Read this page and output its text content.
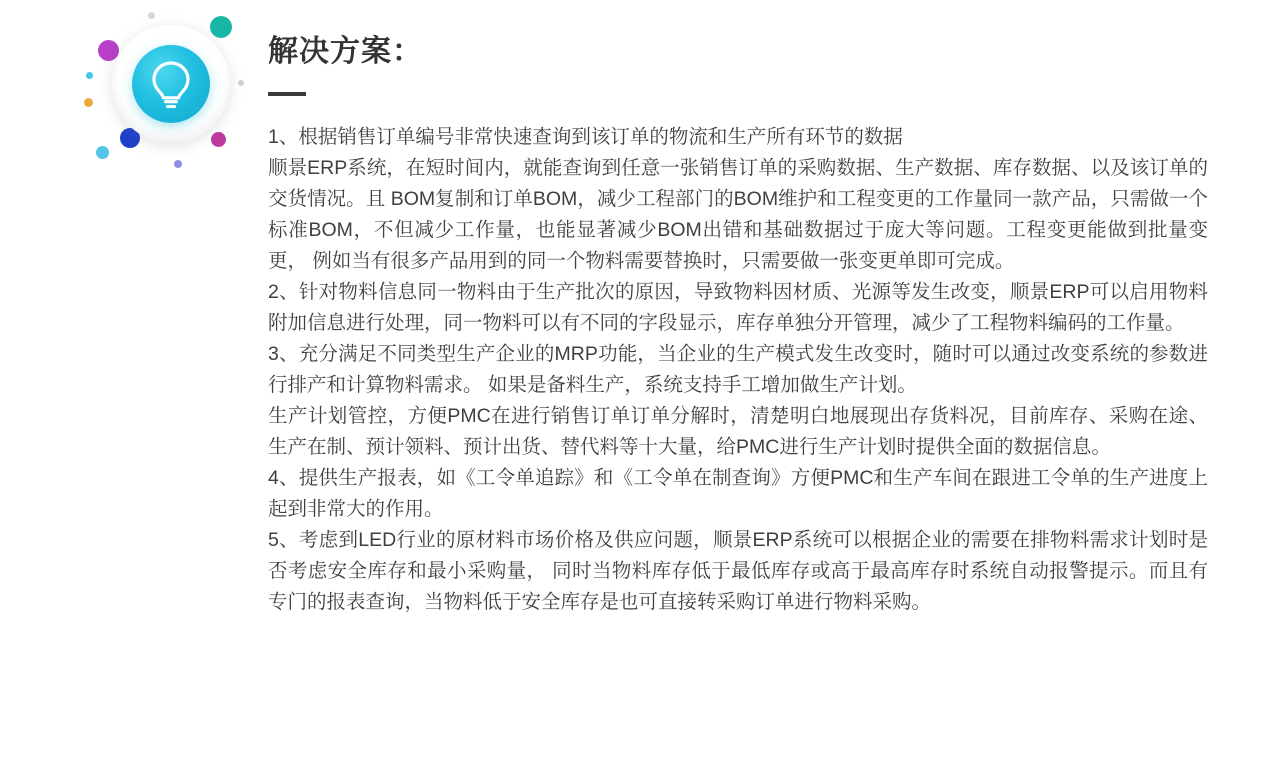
解决方案：

1、根据销售订单编号非常快速查询到该订单的物流和生产所有环节的数据

顺景ERP系统，在短时间内，就能查询到任意一张销售订单的采购数据、生产数据、库存数据、以及该订单的交货情况。且 BOM复制和订单BOM，减少工程部门的BOM维护和工程变更的工作量同一款产品，只需做一个标准BOM，不但减少工作量，也能显著减少BOM出错和基础数据过于庞大等问题。工程变更能做到批量变更， 例如当有很多产品用到的同一个物料需要替换时，只需要做一张变更单即可完成。

2、针对物料信息同一物料由于生产批次的原因，导致物料因材质、光源等发生改变，顺景ERP可以启用物料附加信息进行处理，同一物料可以有不同的字段显示，库存单独分开管理，减少了工程物料编码的工作量。

3、充分满足不同类型生产企业的MRP功能，当企业的生产模式发生改变时，随时可以通过改变系统的参数进行排产和计算物料需求。 如果是备料生产，系统支持手工增加做生产计划。

生产计划管控，方便PMC在进行销售订单订单分解时，清楚明白地展现出存货料况，目前库存、采购在途、生产在制、预计领料、预计出货、替代料等十大量，给PMC进行生产计划时提供全面的数据信息。

4、提供生产报表，如《工令单追踪》和《工令单在制查询》方便PMC和生产车间在跟进工令单的生产进度上起到非常大的作用。

5、考虑到LED行业的原材料市场价格及供应问题，顺景ERP系统可以根据企业的需要在排物料需求计划时是否考虑安全库存和最小采购量， 同时当物料库存低于最低库存或高于最高库存时系统自动报警提示。而且有专门的报表查询，当物料低于安全库存是也可直接转采购订单进行物料采购。
